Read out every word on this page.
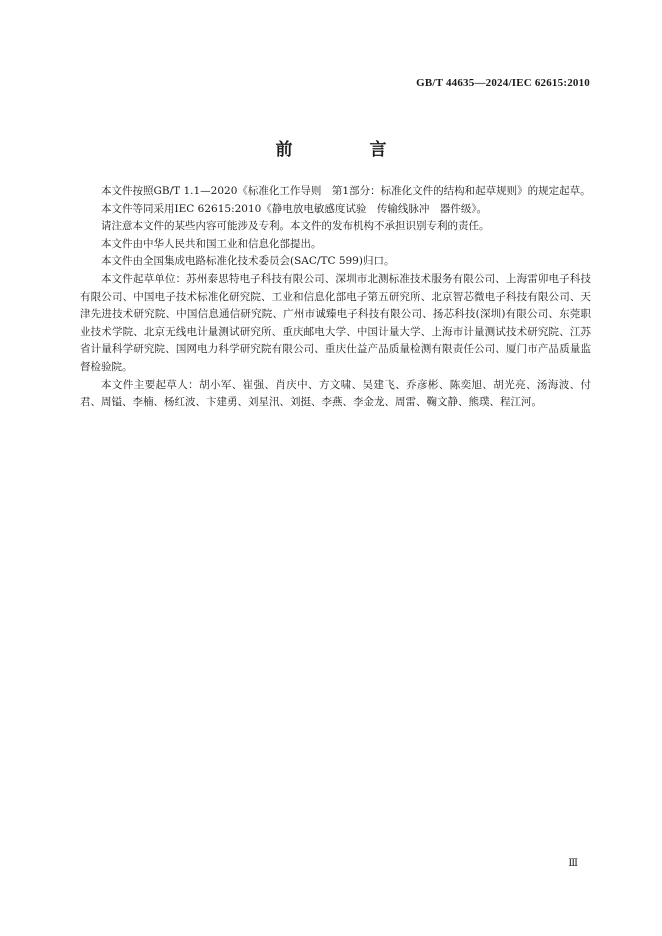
GB/T 44635—2024/IEC 62615:2010
前　言

本文件按照GB/T 1.1—2020《标准化工作导则　第1部分：标准化文件的结构和起草规则》的规定起草。

本文件等同采用IEC 62615:2010《静电放电敏感度试验　传输线脉冲　器件级》。

请注意本文件的某些内容可能涉及专利。本文件的发布机构不承担识别专利的责任。

本文件由中华人民共和国工业和信息化部提出。

本文件由全国集成电路标准化技术委员会(SAC/TC 599)归口。

本文件起草单位：苏州泰思特电子科技有限公司、深圳市北测标准技术服务有限公司、上海雷卯电子科技有限公司、中国电子技术标准化研究院、工业和信息化部电子第五研究所、北京智芯微电子科技有限公司、天津先进技术研究院、中国信息通信研究院、广州市诚臻电子科技有限公司、扬芯科技(深圳)有限公司、东莞职业技术学院、北京无线电计量测试研究所、重庆邮电大学、中国计量大学、上海市计量测试技术研究院、江苏省计量科学研究院、国网电力科学研究院有限公司、重庆仕益产品质量检测有限责任公司、厦门市产品质量监督检验院。

本文件主要起草人：胡小军、崔强、肖庆中、方文啸、吴建飞、乔彦彬、陈奕旭、胡光亮、汤海波、付君、周镒、李楠、杨红波、卞建勇、刘星汛、刘挺、李燕、李金龙、周雷、鞠文静、熊璞、程江河。

Ⅲ
